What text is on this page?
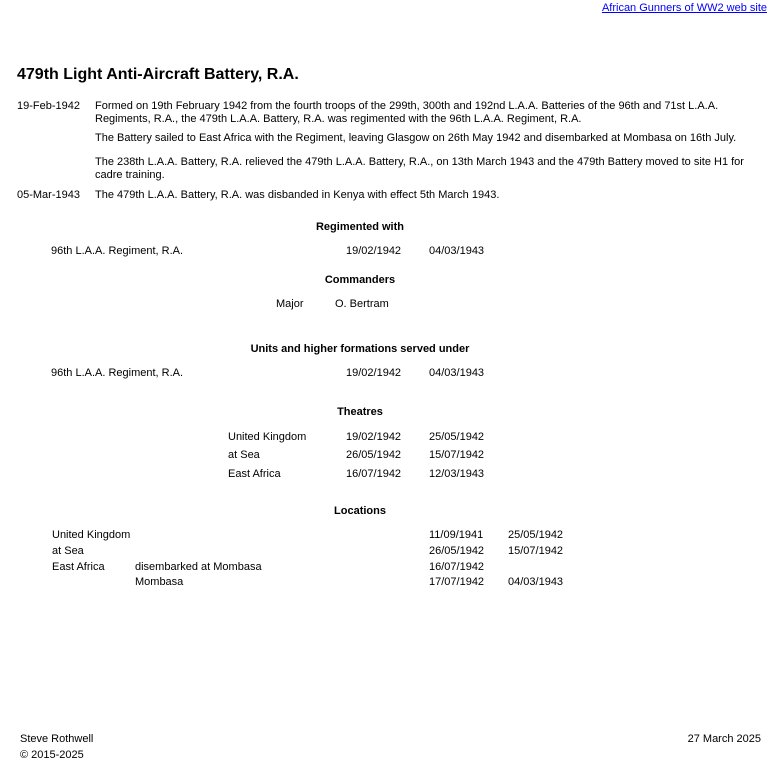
African Gunners of WW2 web site
479th Light Anti-Aircraft Battery, R.A.
19-Feb-1942 Formed on 19th February 1942 from the fourth troops of the 299th, 300th and 192nd L.A.A. Batteries of the 96th and 71st L.A.A. Regiments, R.A., the 479th L.A.A. Battery, R.A. was regimented with the 96th L.A.A. Regiment, R.A.
The Battery sailed to East Africa with the Regiment, leaving Glasgow on 26th May 1942 and disembarked at Mombasa on 16th July.
The 238th L.A.A. Battery, R.A. relieved the 479th L.A.A. Battery, R.A., on 13th March 1943 and the 479th Battery moved to site H1 for cadre training.
05-Mar-1943 The 479th L.A.A. Battery, R.A. was disbanded in Kenya with effect 5th March 1943.
Regimented with
96th L.A.A. Regiment, R.A.	19/02/1942	04/03/1943
Commanders
Major	O. Bertram
Units and higher formations served under
96th L.A.A. Regiment, R.A.	19/02/1942	04/03/1943
Theatres
United Kingdom	19/02/1942	25/05/1942
at Sea	26/05/1942	15/07/1942
East Africa	16/07/1942	12/03/1943
Locations
United Kingdom	11/09/1941 25/05/1942
at Sea	26/05/1942 15/07/1942
East Africa	disembarked at Mombasa	16/07/1942
Mombasa	17/07/1942 04/03/1943
Steve Rothwell
© 2015-2025
27 March 2025
